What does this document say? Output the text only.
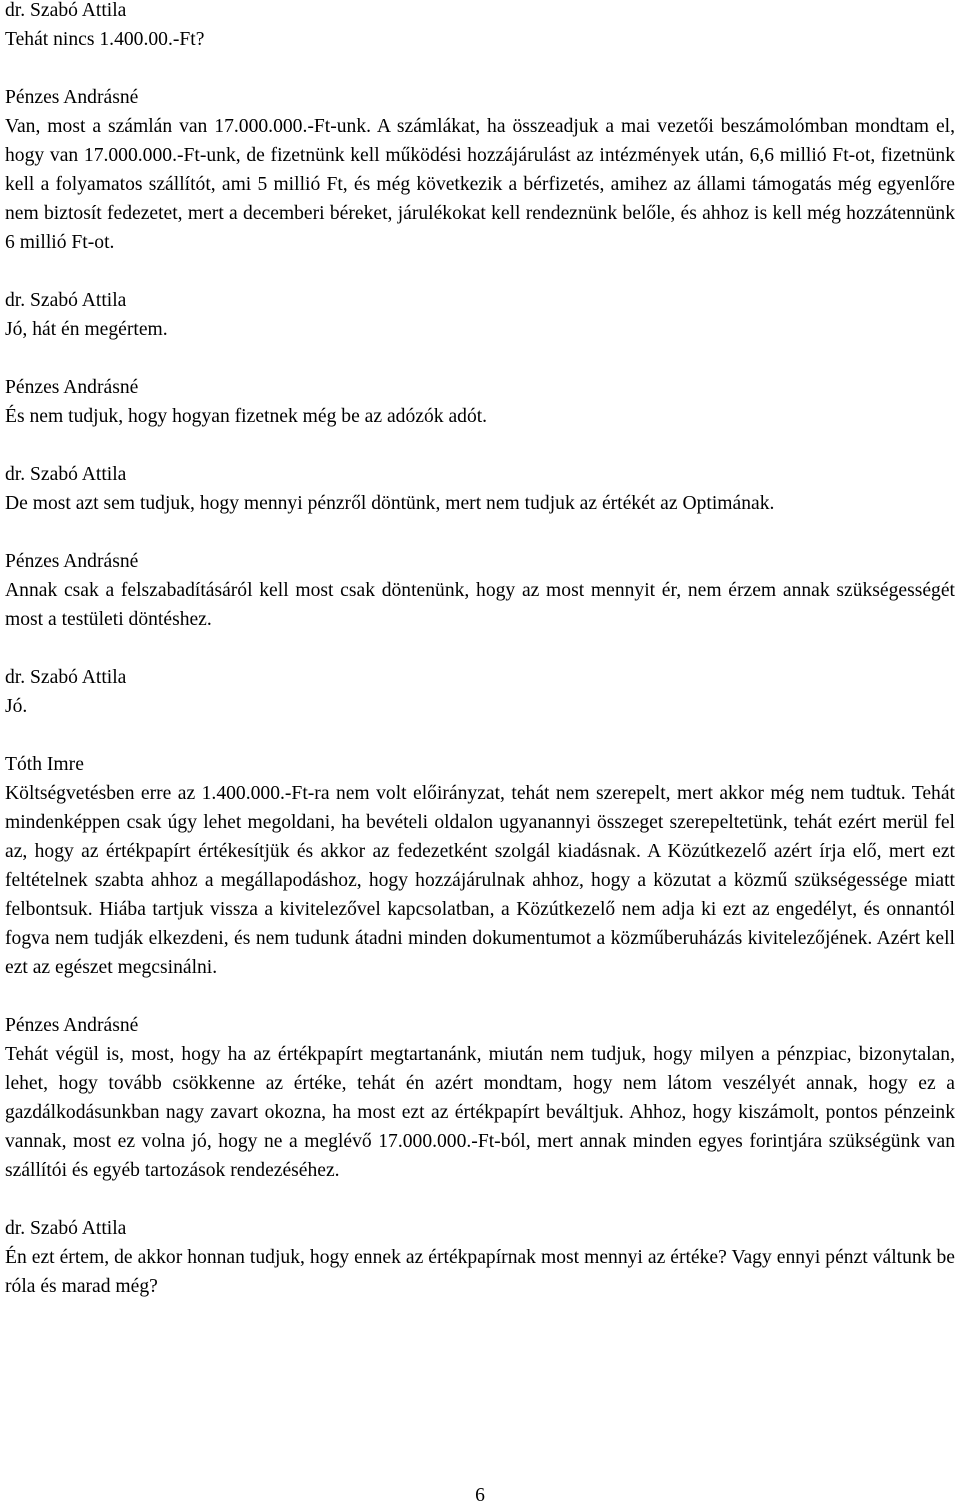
dr. Szabó Attila
Tehát nincs 1.400.00.-Ft?
Pénzes Andrásné
Van, most a számlán van 17.000.000.-Ft-unk. A számlákat, ha összeadjuk a mai vezetői beszámolómban mondtam el, hogy van 17.000.000.-Ft-unk, de fizetnünk kell működési hozzájárulást az intézmények után, 6,6 millió Ft-ot, fizetnünk kell a folyamatos szállítót, ami 5 millió Ft, és még következik a bérfizetés, amihez az állami támogatás még egyenlőre nem biztosít fedezetet, mert a decemberi béreket, járulékokat kell rendeznünk belőle, és ahhoz is kell még hozzátennünk 6 millió Ft-ot.
dr. Szabó Attila
Jó, hát én megértem.
Pénzes Andrásné
És nem tudjuk, hogy hogyan fizetnek még be az adózók adót.
dr. Szabó Attila
De most azt sem tudjuk, hogy mennyi pénzről döntünk, mert nem tudjuk az értékét az Optimának.
Pénzes Andrásné
Annak csak a felszabadításáról kell most csak döntenünk, hogy az most mennyit ér, nem érzem annak szükségességét most a testületi döntéshez.
dr. Szabó Attila
Jó.
Tóth Imre
Költségvetésben erre az 1.400.000.-Ft-ra nem volt előirányzat, tehát nem szerepelt, mert akkor még nem tudtuk. Tehát mindenképpen csak úgy lehet megoldani, ha bevételi oldalon ugyanannyi összeget szerepeltetünk, tehát ezért merül fel az, hogy az értékpapírt értékesítjük és akkor az fedezetként szolgál kiadásnak. A Közútkezelő azért írja elő, mert ezt feltételnek szabta ahhoz a megállapodáshoz, hogy hozzájárulnak ahhoz, hogy a közutat a közmű szükségessége miatt felbontsuk. Hiába tartjuk vissza a kivitelezővel kapcsolatban, a Közútkezelő nem adja ki ezt az engedélyt, és onnantól fogva nem tudják elkezdeni, és nem tudunk átadni minden dokumentumot a közműberuházás kivitelezőjének. Azért kell ezt az egészet megcsinálni.
Pénzes Andrásné
Tehát végül is, most, hogy ha az értékpapírt megtartanánk, miután nem tudjuk, hogy milyen a pénzpiac, bizonytalan, lehet, hogy tovább csökkenne az értéke, tehát én azért mondtam, hogy nem látom veszélyét annak, hogy ez a gazdálkodásunkban nagy zavart okozna, ha most ezt az értékpapírt beváltjuk. Ahhoz, hogy kiszámolt, pontos pénzeink vannak, most ez volna jó, hogy ne a meglévő 17.000.000.-Ft-ból, mert annak minden egyes forintjára szükségünk van szállítói és egyéb tartozások rendezéséhez.
dr. Szabó Attila
Én ezt értem, de akkor honnan tudjuk, hogy ennek az értékpapírnak most mennyi az értéke? Vagy ennyi pénzt váltunk be róla és marad még?
6
